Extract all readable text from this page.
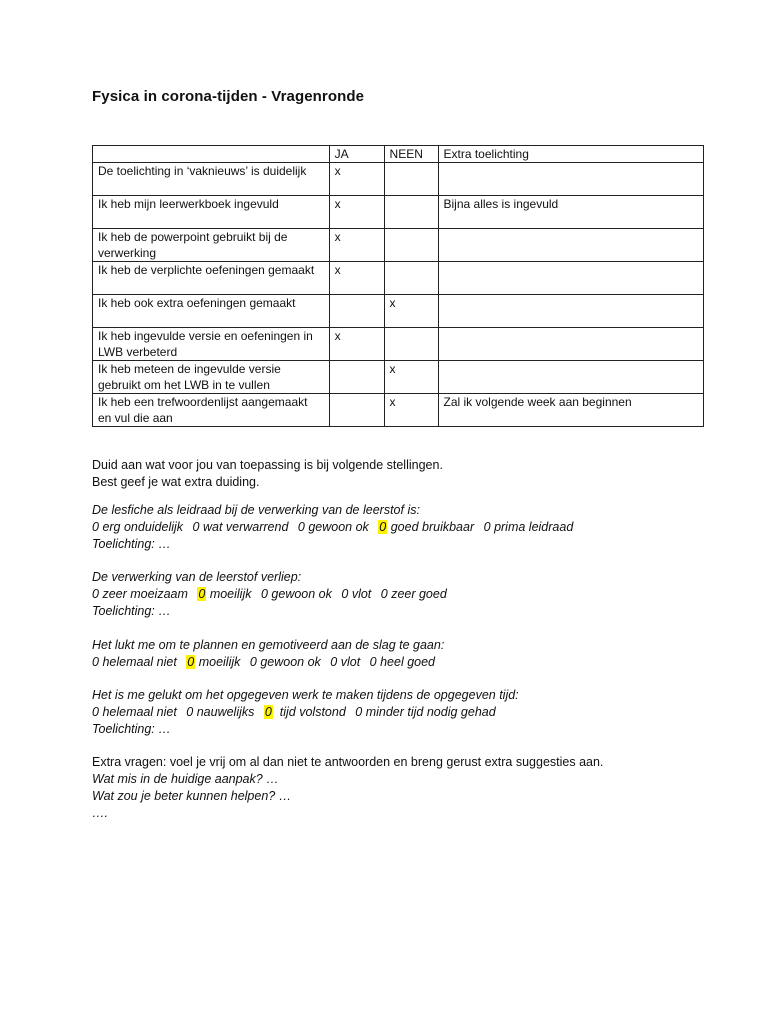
Fysica in corona-tijden - Vragenronde
	JA	NEEN	Extra toelichting
De toelichting in ‘vaknieuws’ is duidelijk	x		
Ik heb mijn leerwerkboek ingevuld	x		Bijna alles is ingevuld
Ik heb de powerpoint gebruikt bij de verwerking	x		
Ik heb de verplichte oefeningen gemaakt	x		
Ik heb ook extra oefeningen gemaakt		x	
Ik heb ingevulde versie en oefeningen in LWB verbeterd	x		
Ik heb meteen de ingevulde versie gebruikt om het LWB in te vullen		x	
Ik heb een trefwoordenlijst aangemaakt en vul die aan		x	Zal ik volgende week aan beginnen
Duid aan wat voor jou van toepassing is bij volgende stellingen.
Best geef je wat extra duiding.
De lesfiche als leidraad bij de verwerking van de leerstof is:
0 erg onduidelijk 0 wat verwarrend 0 gewoon ok 0 goed bruikbaar 0 prima leidraad
Toelichting: …
De verwerking van de leerstof verliep:
0 zeer moeizaam 0 moeilijk 0 gewoon ok 0 vlot 0 zeer goed
Toelichting: …
Het lukt me om te plannen en gemotiveerd aan de slag te gaan:
0 helemaal niet 0 moeilijk 0 gewoon ok 0 vlot 0 heel goed
Het is me gelukt om het opgegeven werk te maken tijdens de opgegeven tijd:
0 helemaal niet 0 nauwelijks 0 tijd volstond 0 minder tijd nodig gehad
Toelichting: …
Extra vragen: voel je vrij om al dan niet te antwoorden en breng gerust extra suggesties aan.
Wat mis in de huidige aanpak? …
Wat zou je beter kunnen helpen? …
….
